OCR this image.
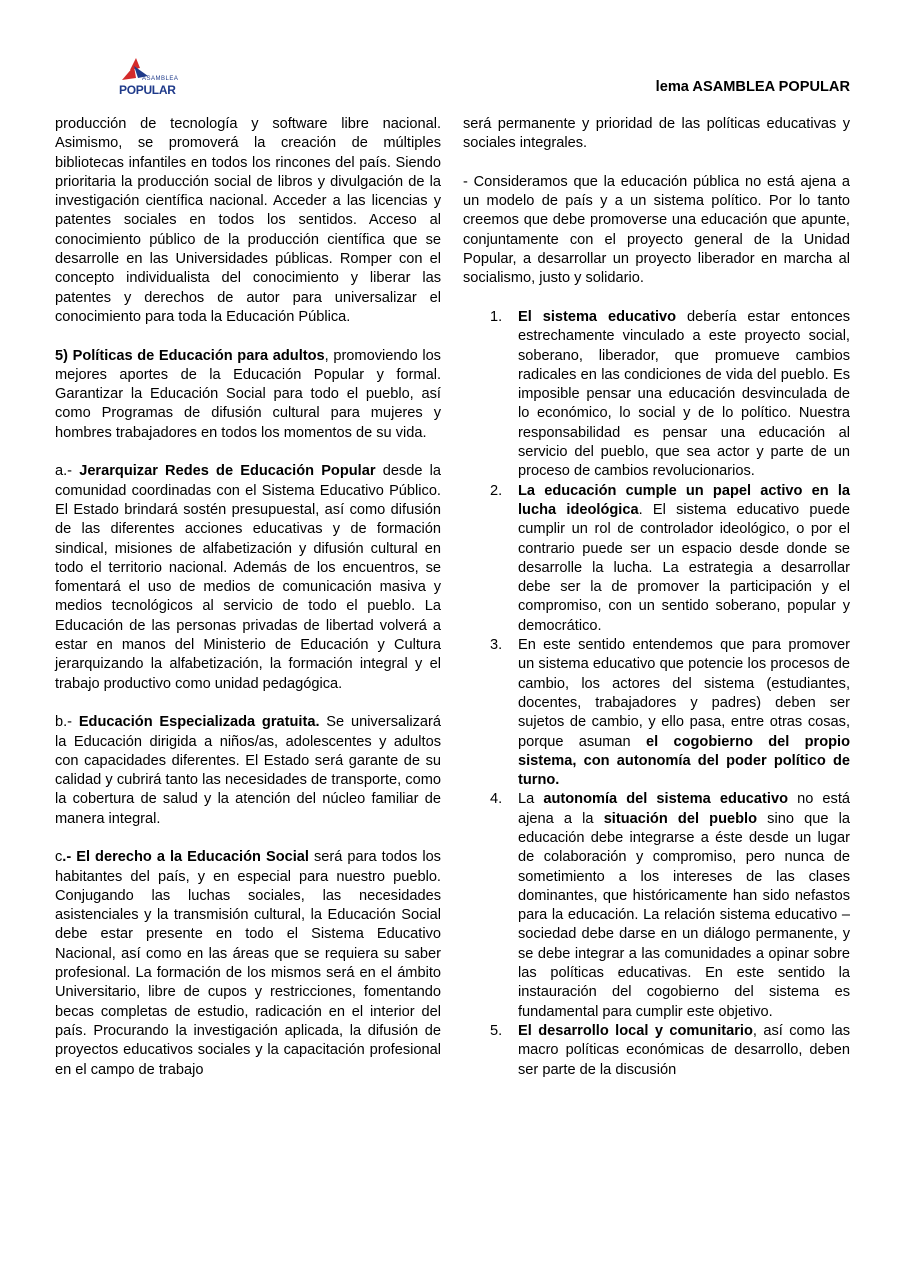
ASAMBLEA
POPULAR	lema ASAMBLEA POPULAR

producción de tecnología y software libre nacional. Asimismo, se promoverá la creación de múltiples bibliotecas infantiles en todos los rincones del país. Siendo prioritaria la producción social de libros y divulgación de la investigación científica nacional. Acceder a las licencias y patentes sociales en todos los sentidos. Acceso al conocimiento público de la producción científica que se desarrolle en las Universidades públicas. Romper con el concepto individualista del conocimiento y liberar las patentes y derechos de autor para universalizar el conocimiento para toda la Educación Pública.

5) Políticas de Educación para adultos, promoviendo los mejores aportes de la Educación Popular y formal. Garantizar la Educación Social para todo el pueblo, así como Programas de difusión cultural para mujeres y hombres trabajadores en todos los momentos de su vida.

a.- Jerarquizar Redes de Educación Popular desde la comunidad coordinadas con el Sistema Educativo Público. El Estado brindará sostén presupuestal, así como difusión de las diferentes acciones educativas y de formación sindical, misiones de alfabetización y difusión cultural en todo el territorio nacional. Además de los encuentros, se fomentará el uso de medios de comunicación masiva y medios tecnológicos al servicio de todo el pueblo. La Educación de las personas privadas de libertad volverá a estar en manos del Ministerio de Educación y Cultura jerarquizando la alfabetización, la formación integral y el trabajo productivo como unidad pedagógica.

b.- Educación Especializada gratuita. Se universalizará la Educación dirigida a niños/as, adolescentes y adultos con capacidades diferentes. El Estado será garante de su calidad y cubrirá tanto las necesidades de transporte, como la cobertura de salud y la atención del núcleo familiar de manera integral.

c.- El derecho a la Educación Social será para todos los habitantes del país, y en especial para nuestro pueblo. Conjugando las luchas sociales, las necesidades asistenciales y la transmisión cultural, la Educación Social debe estar presente en todo el Sistema Educativo Nacional, así como en las áreas que se requiera su saber profesional. La formación de los mismos será en el ámbito Universitario, libre de cupos y restricciones, fomentando becas completas de estudio, radicación en el interior del país. Procurando la investigación aplicada, la difusión de proyectos educativos sociales y la capacitación profesional en el campo de trabajo

será permanente y prioridad de las políticas educativas y sociales integrales.

- Consideramos que la educación pública no está ajena a un modelo de país y a un sistema político. Por lo tanto creemos que debe promoverse una educación que apunte, conjuntamente con el proyecto general de la Unidad Popular, a desarrollar un proyecto liberador en marcha al socialismo, justo y solidario.

1. El sistema educativo debería estar entonces estrechamente vinculado a este proyecto social, soberano, liberador, que promueve cambios radicales en las condiciones de vida del pueblo. Es imposible pensar una educación desvinculada de lo económico, lo social y de lo político. Nuestra responsabilidad es pensar una educación al servicio del pueblo, que sea actor y parte de un proceso de cambios revolucionarios.
2. La educación cumple un papel activo en la lucha ideológica. El sistema educativo puede cumplir un rol de controlador ideológico, o por el contrario puede ser un espacio desde donde se desarrolle la lucha. La estrategia a desarrollar debe ser la de promover la participación y el compromiso, con un sentido soberano, popular y democrático.
3. En este sentido entendemos que para promover un sistema educativo que potencie los procesos de cambio, los actores del sistema (estudiantes, docentes, trabajadores y padres) deben ser sujetos de cambio, y ello pasa, entre otras cosas, porque asuman el cogobierno del propio sistema, con autonomía del poder político de turno.
4. La autonomía del sistema educativo no está ajena a la situación del pueblo sino que la educación debe integrarse a éste desde un lugar de colaboración y compromiso, pero nunca de sometimiento a los intereses de las clases dominantes, que históricamente han sido nefastos para la educación. La relación sistema educativo – sociedad debe darse en un diálogo permanente, y se debe integrar a las comunidades a opinar sobre las políticas educativas. En este sentido la instauración del cogobierno del sistema es fundamental para cumplir este objetivo.
5. El desarrollo local y comunitario, así como las macro políticas económicas de desarrollo, deben ser parte de la discusión
